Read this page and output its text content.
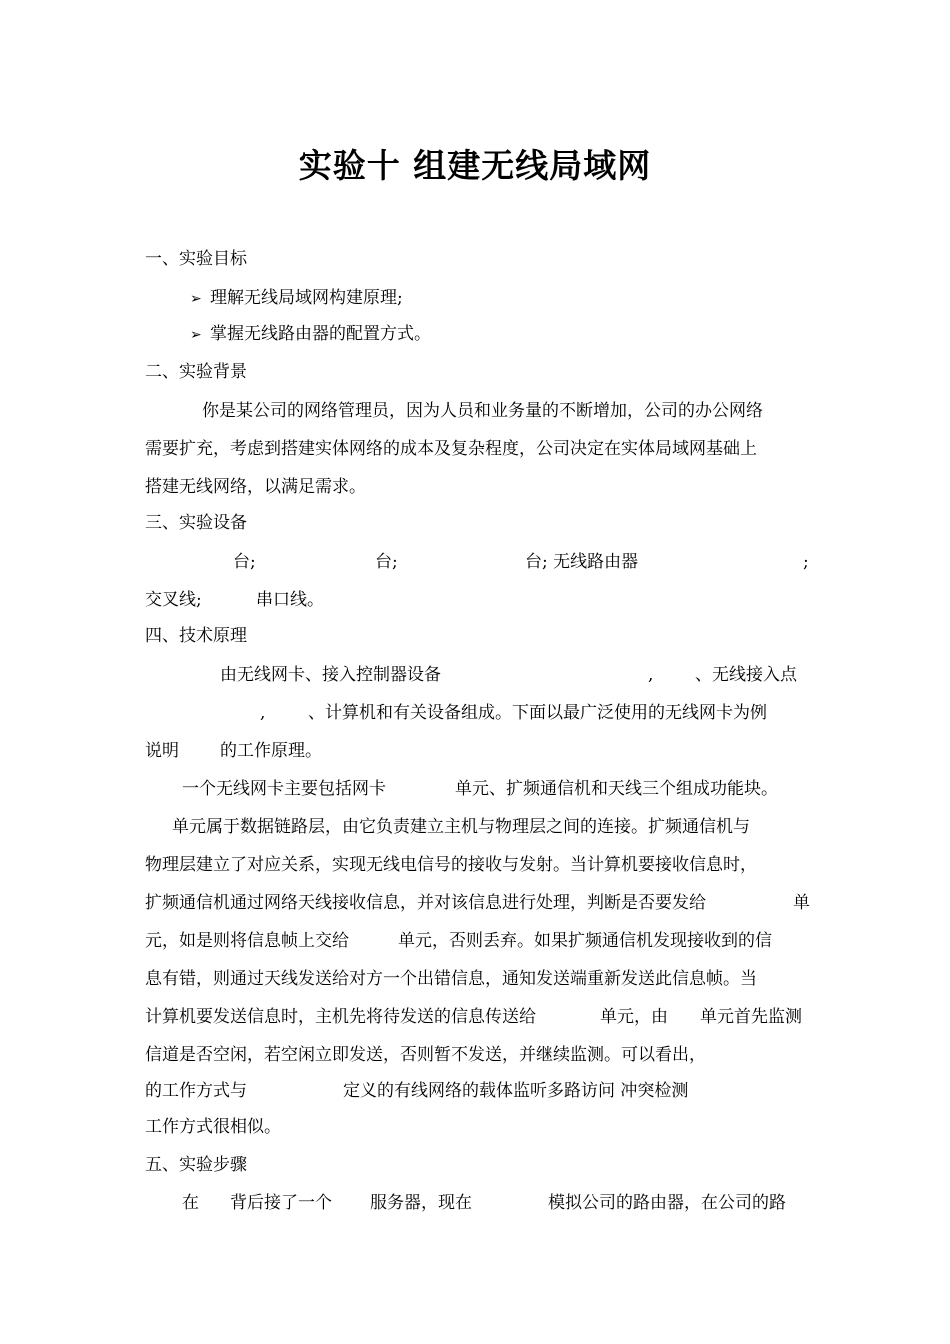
实验十 组建无线局域网
一、实验目标
➢ 理解无线局域网构建原理;
➢ 掌握无线路由器的配置方式。
二、实验背景
你是某公司的网络管理员，因为人员和业务量的不断增加，公司的办公网络
需要扩充，考虑到搭建实体网络的成本及复杂程度，公司决定在实体局域网基础上
搭建无线网络，以满足需求。
三、实验设备
台;	台;	台; 无线路由器	;
交叉线;	串口线。
四、技术原理
由无线网卡、接入控制器设备	, 、无线接入点
,	、计算机和有关设备组成。下面以最广泛使用的无线网卡为例
说明 的工作原理。
一个无线网卡主要包括网卡	单元、扩频通信机和天线三个组成功能块。
单元属于数据链路层，由它负责建立主机与物理层之间的连接。扩频通信机与
物理层建立了对应关系，实现无线电信号的接收与发射。当计算机要接收信息时，
扩频通信机通过网络天线接收信息，并对该信息进行处理，判断是否要发给	单
元，如是则将信息帧上交给	单元，否则丢弃。如果扩频通信机发现接收到的信
息有错，则通过天线发送给对方一个出错信息，通知发送端重新发送此信息帧。当
计算机要发送信息时，主机先将待发送的信息传送给	单元，由 单元首先监测
信道是否空闲，若空闲立即发送，否则暂不发送，并继续监测。可以看出，
的工作方式与	定义的有线网络的载体监听多路访问 冲突检测
工作方式很相似。
五、实验步骤
在 背后接了一个 服务器，现在	模拟公司的路由器，在公司的路
